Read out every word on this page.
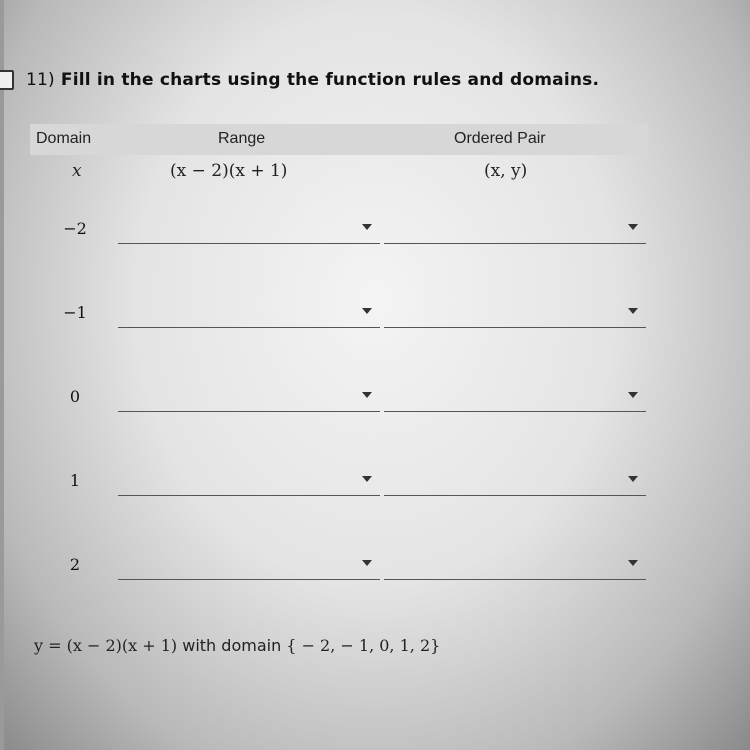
11) Fill in the charts using the function rules and domains.
Domain	Range	Ordered Pair
x	(x − 2)(x + 1)	(x, y)
−2
−1
0
1
2
y = (x − 2)(x + 1) with domain { − 2, − 1, 0, 1, 2}
